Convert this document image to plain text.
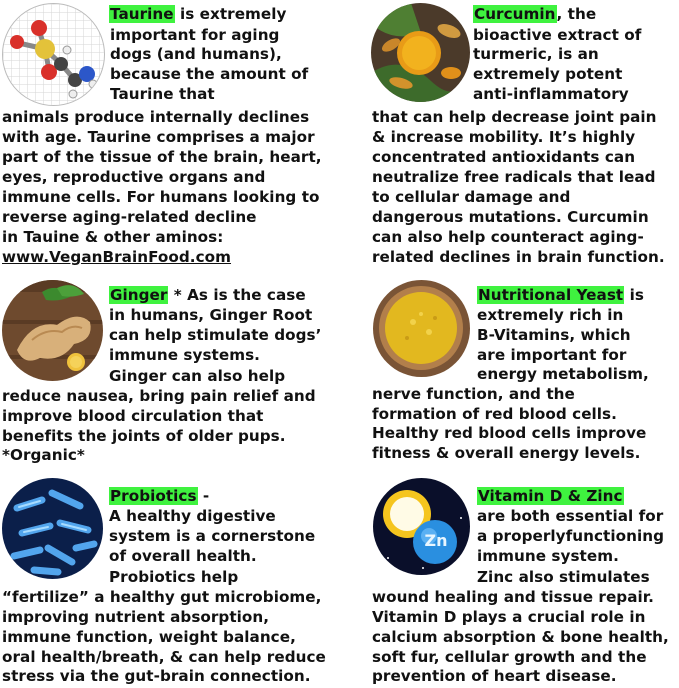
Taurine is extremely
important for aging
dogs (and humans),
because the amount of
Taurine that
animals produce internally declines
with age. Taurine comprises a major
part of the tissue of the brain, heart,
eyes, reproductive organs and
immune cells. For humans looking to
reverse aging-related decline
in Tauine & other aminos:
www.VeganBrainFood.com
Curcumin, the
bioactive extract of
turmeric, is an
extremely potent
anti-inflammatory
that can help decrease joint pain
& increase mobility. It’s highly
concentrated antioxidants can
neutralize free radicals that lead
to cellular damage and
dangerous mutations. Curcumin
can also help counteract aging-
related declines in brain function.
Ginger * As is the case
in humans, Ginger Root
can help stimulate dogs’
immune systems.
Ginger can also help
reduce nausea, bring pain relief and
improve blood circulation that
benefits the joints of older pups.
*Organic*
Nutritional Yeast is
extremely rich in
B-Vitamins, which
are important for
energy metabolism,
nerve function, and the
formation of red blood cells.
Healthy red blood cells improve
fitness & overall energy levels.
Probiotics -
A healthy digestive
system is a cornerstone
of overall health.
Probiotics help
“fertilize” a healthy gut microbiome,
improving nutrient absorption,
immune function, weight balance,
oral health/breath, & can help reduce
stress via the gut-brain connection.
Zn
Vitamin D & Zinc
are both essential for
a properlyfunctioning
immune system.
Zinc also stimulates
wound healing and tissue repair.
Vitamin D plays a crucial role in
calcium absorption & bone health,
soft fur, cellular growth and the
prevention of heart disease.
